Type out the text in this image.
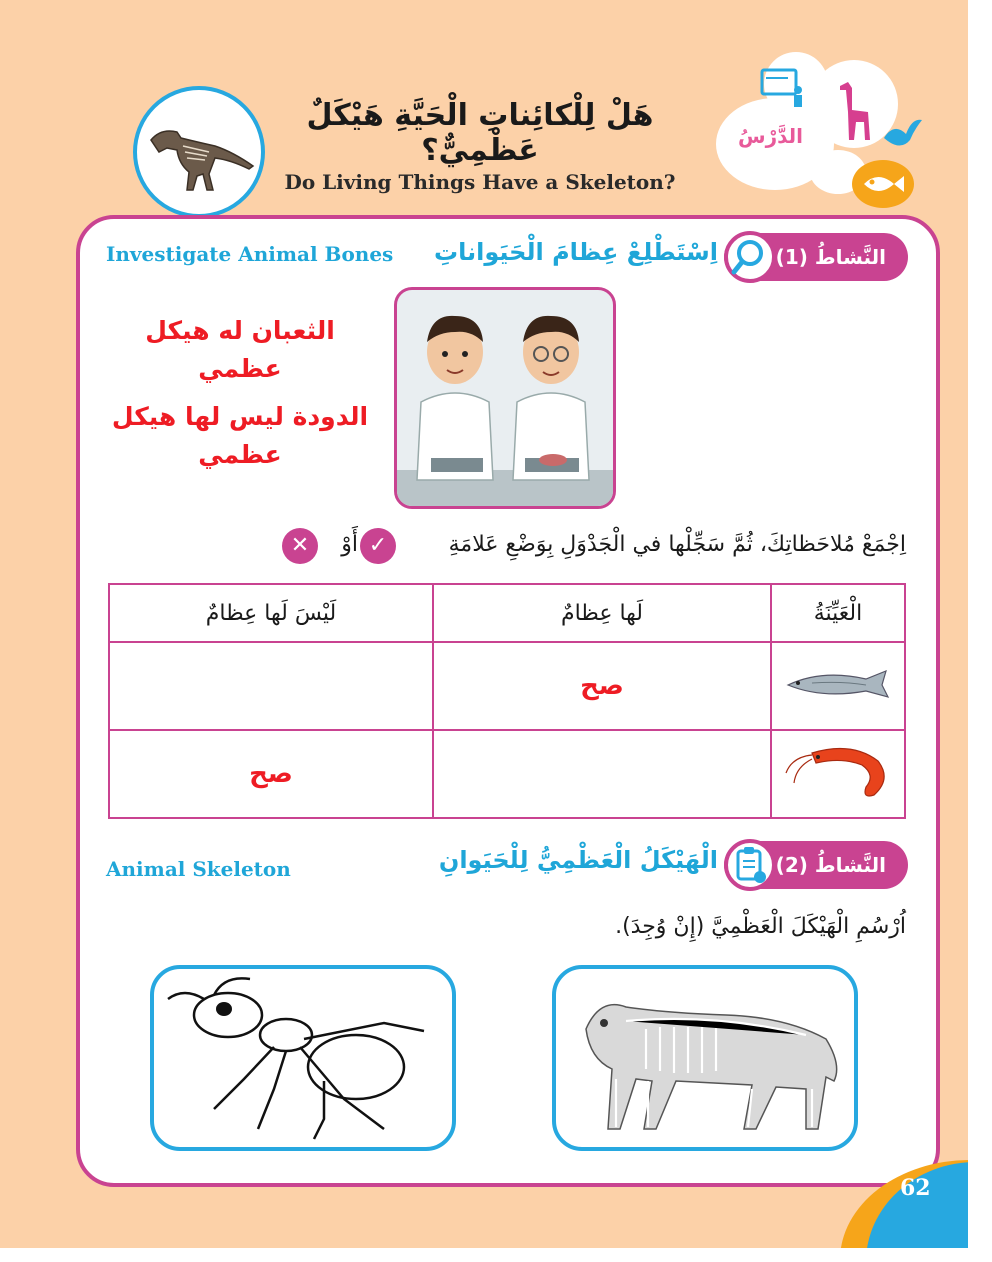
هَلْ لِلْكائِناتِ الْحَيَّةِ هَيْكَلٌ عَظْمِيٌّ؟
Do Living Things Have a Skeleton?
الدَّرْسُ
النَّشاطُ (1)
اِسْتَطْلِعْ عِظامَ الْحَيَواناتِ
Investigate Animal Bones
الثعبان له هيكل
عظمي
الدودة ليس لها هيكل
عظمي
✕	أَوْ ✓	اِجْمَعْ مُلاحَظاتِكَ، ثُمَّ سَجِّلْها في الْجَدْوَلِ بِوَضْعِ عَلامَةِ
الْعَيِّنَةُ	لَها عِظامٌ	لَيْسَ لَها عِظامٌ
	صح	
		صح
النَّشاطُ (2)
الْهَيْكَلُ الْعَظْمِيُّ لِلْحَيَوانِ
Animal Skeleton
اُرْسُمِ الْهَيْكَلَ الْعَظْمِيَّ (إِنْ وُجِدَ).
62
